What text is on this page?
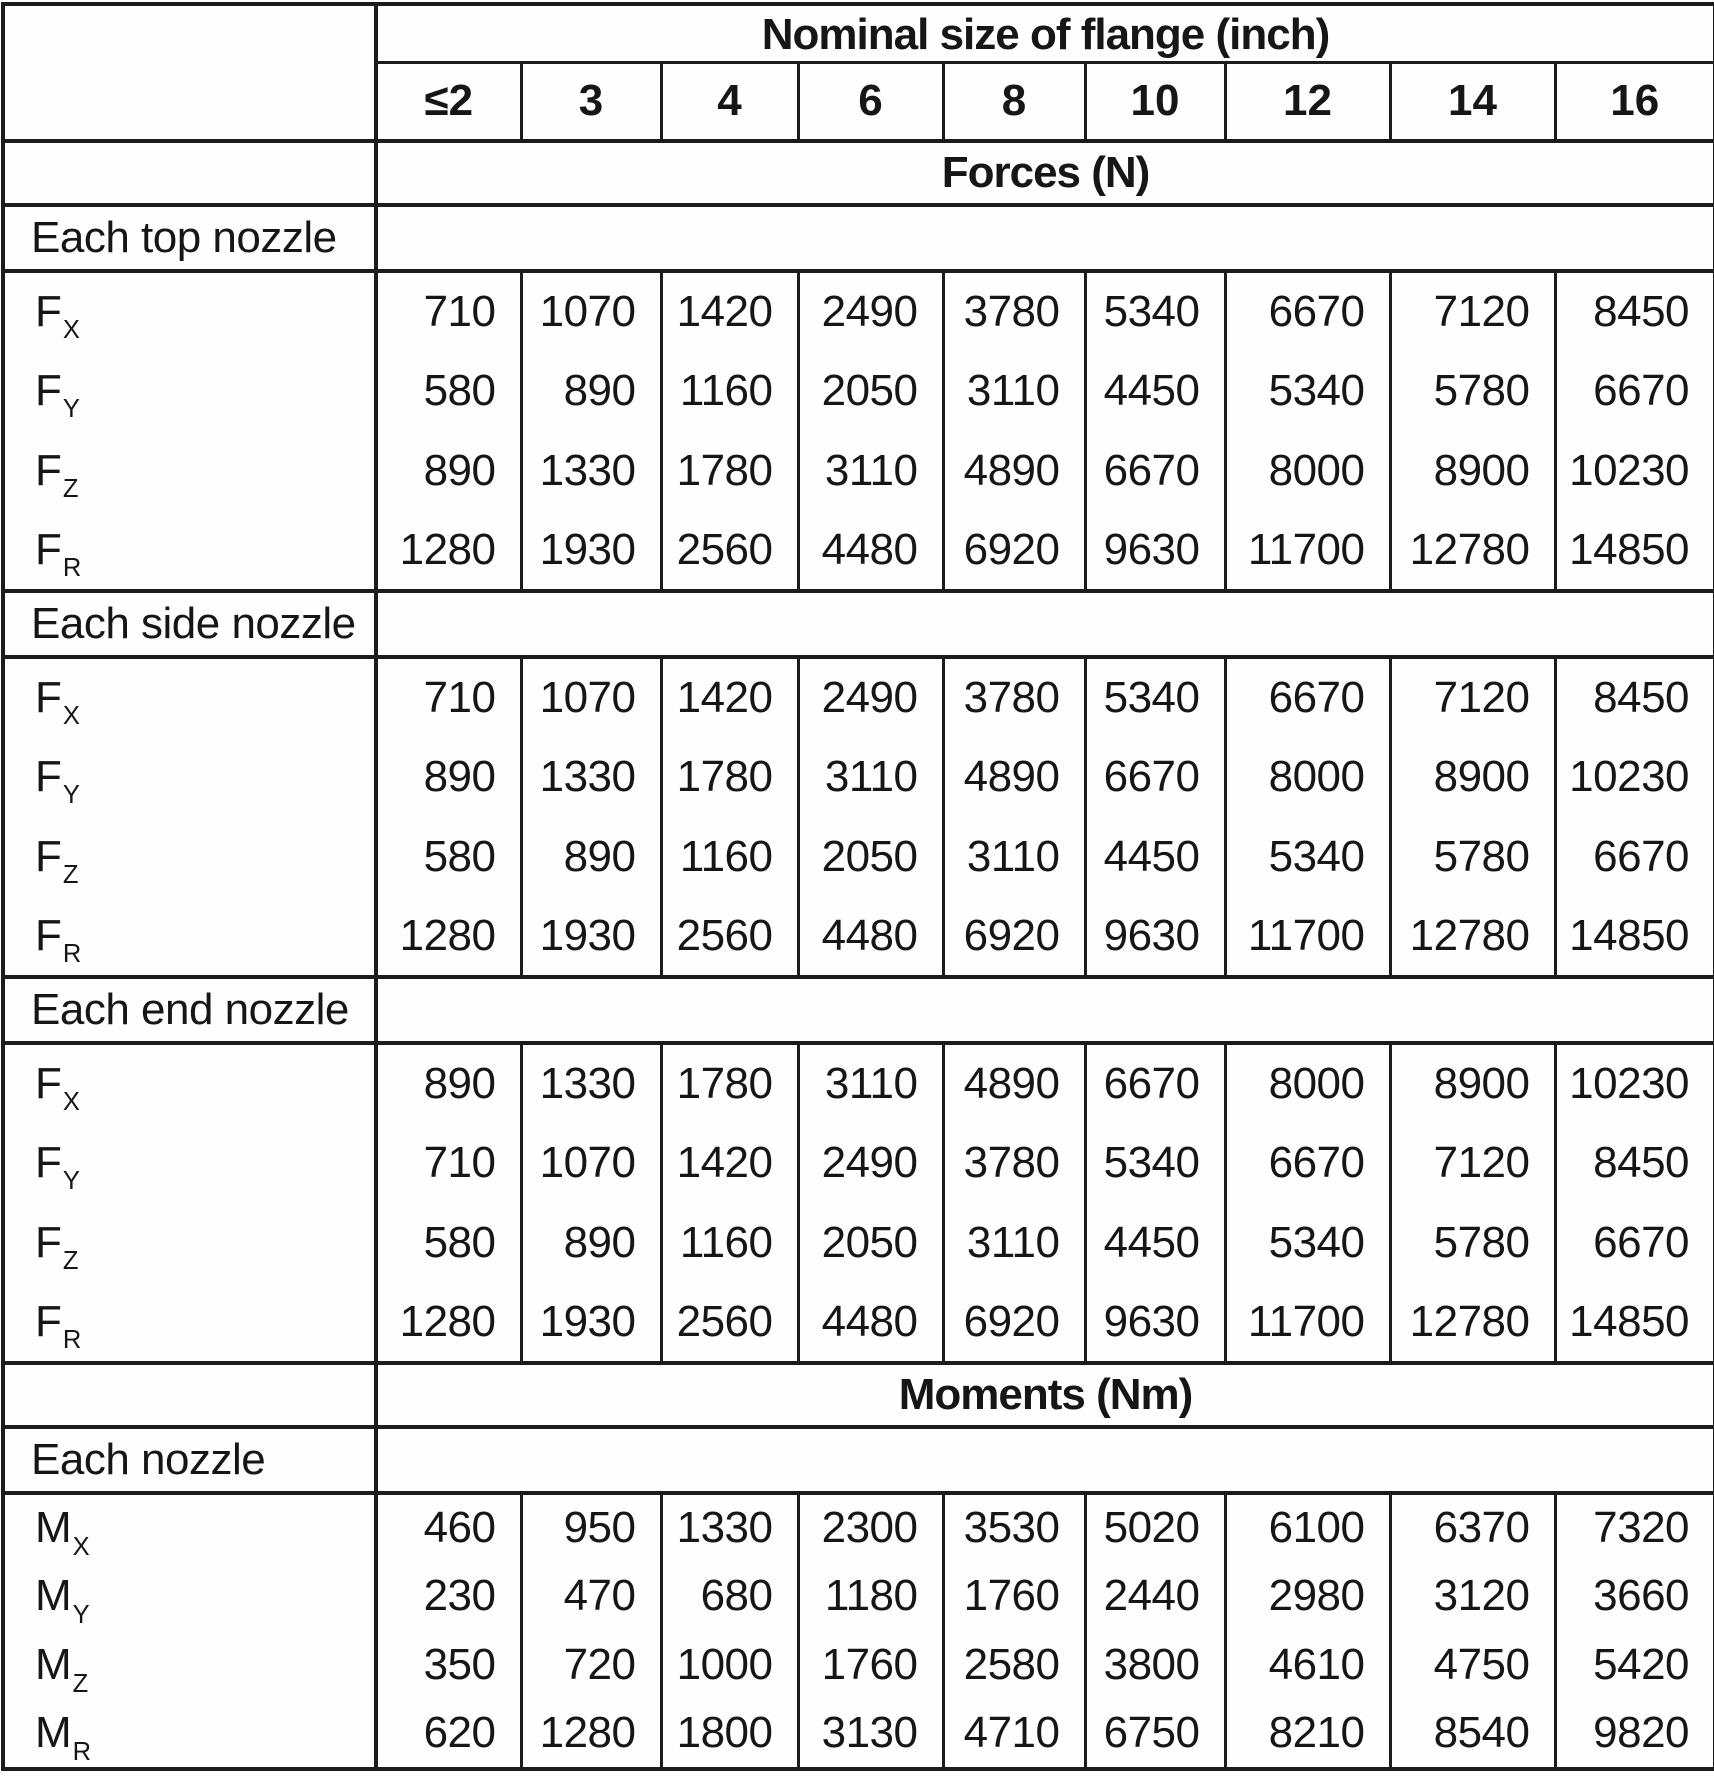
	Nominal size of flange (inch)								
	≤2	3	4	6	8	10	12	14	16
	Forces (N)								
Each top nozzle									
$F_X$	710	1070	1420	2490	3780	5340	6670	7120	8450
$F_Y$	580	890	1160	2050	3110	4450	5340	5780	6670
$F_Z$	890	1330	1780	3110	4890	6670	8000	8900	10230
$F_R$	1280	1930	2560	4480	6920	9630	11700	12780	14850
Each side nozzle									
$F_X$	710	1070	1420	2490	3780	5340	6670	7120	8450
$F_Y$	890	1330	1780	3110	4890	6670	8000	8900	10230
$F_Z$	580	890	1160	2050	3110	4450	5340	5780	6670
$F_R$	1280	1930	2560	4480	6920	9630	11700	12780	14850
Each end nozzle									
$F_X$	890	1330	1780	3110	4890	6670	8000	8900	10230
$F_Y$	710	1070	1420	2490	3780	5340	6670	7120	8450
$F_Z$	580	890	1160	2050	3110	4450	5340	5780	6670
$F_R$	1280	1930	2560	4480	6920	9630	11700	12780	14850
	Moments (Nm)								
Each nozzle									
$M_X$	460	950	1330	2300	3530	5020	6100	6370	7320
$M_Y$	230	470	680	1180	1760	2440	2980	3120	3660
$M_Z$	350	720	1000	1760	2580	3800	4610	4750	5420
$M_R$	620	1280	1800	3130	4710	6750	8210	8540	9820
